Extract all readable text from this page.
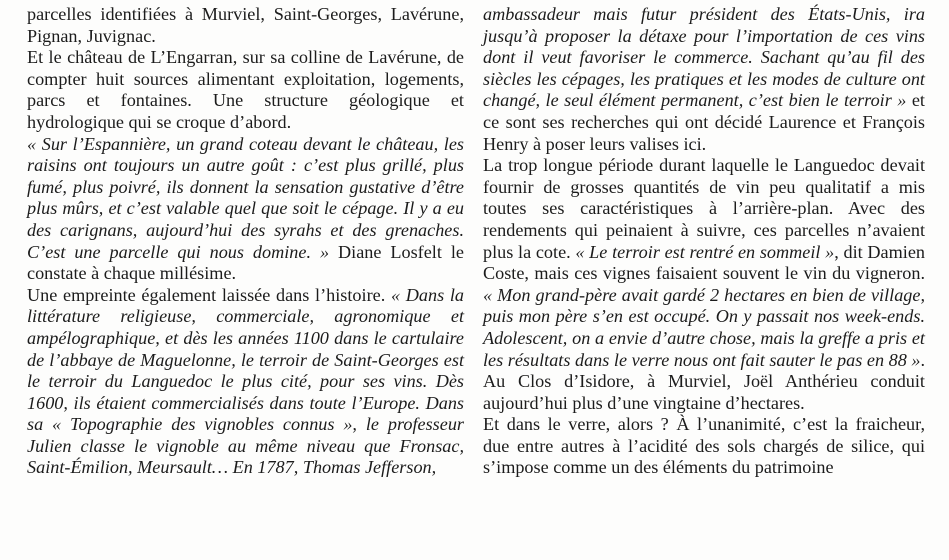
parcelles identifiées à Murviel, Saint-Georges, Lavérune, Pignan, Juvignac.

Et le château de L’Engarran, sur sa colline de Lavérune, de compter huit sources alimentant exploitation, logements, parcs et fontaines. Une structure géologique et hydrologique qui se croque d’abord.

« Sur l’Espannière, un grand coteau devant le château, les raisins ont toujours un autre goût : c’est plus grillé, plus fumé, plus poivré, ils donnent la sensation gustative d’être plus mûrs, et c’est valable quel que soit le cépage. Il y a eu des carignans, aujourd’hui des syrahs et des grenaches. C’est une parcelle qui nous domine. » Diane Losfelt le constate à chaque millésime.

Une empreinte également laissée dans l’histoire. « Dans la littérature religieuse, commerciale, agronomique et ampélographique, et dès les années 1100 dans le cartulaire de l’abbaye de Maguelonne, le terroir de Saint-Georges est le terroir du Languedoc le plus cité, pour ses vins. Dès 1600, ils étaient commercialisés dans toute l’Europe. Dans sa « Topographie des vignobles connus », le professeur Julien classe le vignoble au même niveau que Fronsac, Saint-Émilion, Meursault… En 1787, Thomas Jefferson,

ambassadeur mais futur président des États-Unis, ira jusqu’à proposer la détaxe pour l’importation de ces vins dont il veut favoriser le commerce. Sachant qu’au fil des siècles les cépages, les pratiques et les modes de culture ont changé, le seul élément permanent, c’est bien le terroir » et ce sont ses recherches qui ont décidé Laurence et François Henry à poser leurs valises ici.

La trop longue période durant laquelle le Languedoc devait fournir de grosses quantités de vin peu qualitatif a mis toutes ses caractéristiques à l’arrière-plan. Avec des rendements qui peinaient à suivre, ces parcelles n’avaient plus la cote. « Le terroir est rentré en sommeil », dit Damien Coste, mais ces vignes faisaient souvent le vin du vigneron. « Mon grand-père avait gardé 2 hectares en bien de village, puis mon père s’en est occupé. On y passait nos week-ends. Adolescent, on a envie d’autre chose, mais la greffe a pris et les résultats dans le verre nous ont fait sauter le pas en 88 ». Au Clos d’Isidore, à Murviel, Joël Anthérieu conduit aujourd’hui plus d’une vingtaine d’hectares.

Et dans le verre, alors ? À l’unanimité, c’est la fraicheur, due entre autres à l’acidité des sols chargés de silice, qui s’impose comme un des éléments du patrimoine
